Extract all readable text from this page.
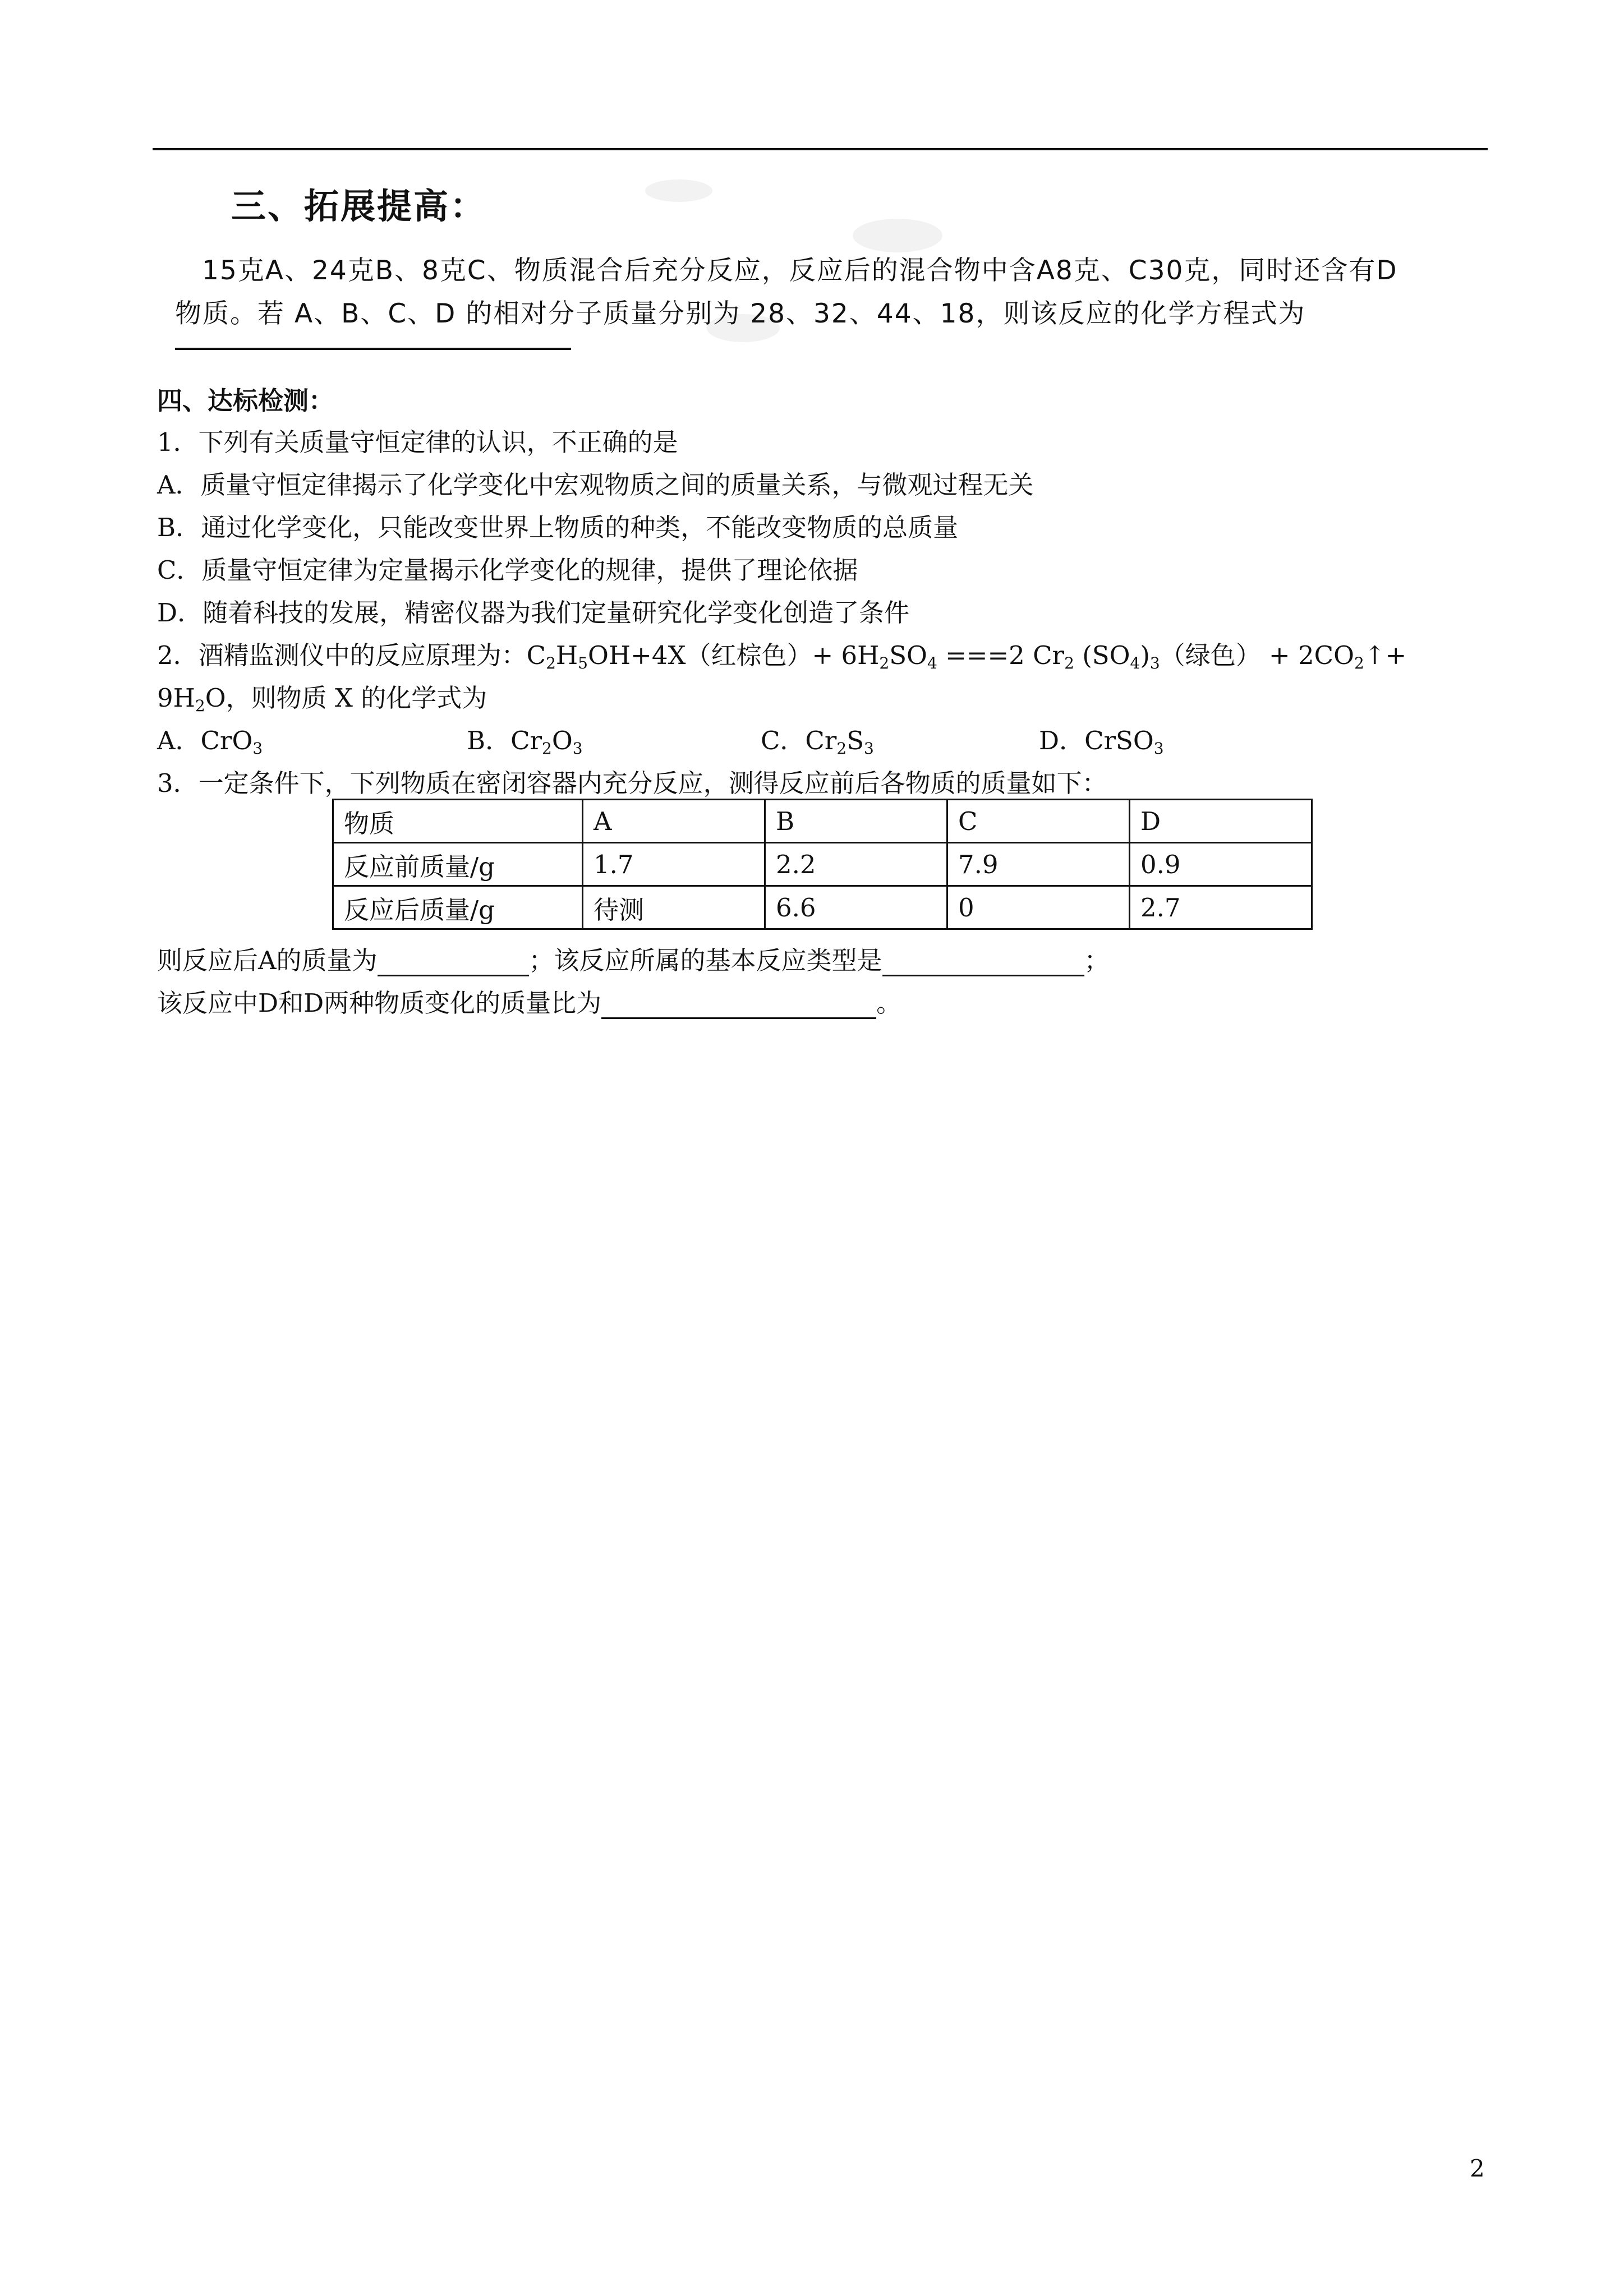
三、拓展提高：
15克A、24克B、8克C、物质混合后充分反应，反应后的混合物中含A8克、C30克，同时还含有D
物质。若 A、B、C、D 的相对分子质量分别为 28、32、44、18，则该反应的化学方程式为
四、达标检测：
1．下列有关质量守恒定律的认识，不正确的是
A．质量守恒定律揭示了化学变化中宏观物质之间的质量关系，与微观过程无关
B．通过化学变化，只能改变世界上物质的种类，不能改变物质的总质量
C．质量守恒定律为定量揭示化学变化的规律，提供了理论依据
D．随着科技的发展，精密仪器为我们定量研究化学变化创造了条件
2．酒精监测仪中的反应原理为：$C_2H_5OH+4X$（红棕色）+ $6H_2SO_4 ===2$ $Cr_2$ $(SO_4)_3$（绿色） + $2CO_2↑+$
$9H_2O$，则物质 X 的化学式为
A．CrO$_3$	B．$Cr_2O_3$	C．$Cr_2S_3$	D．CrSO$_3$
3．一定条件下，下列物质在密闭容器内充分反应，测得反应前后各物质的质量如下：
物质	A	B	C	D
反应前质量/g	1.7	2.2	7.9	0.9
反应后质量/g	待测	6.6	0	2.7
则反应后A的质量为	；该反应所属的基本反应类型是	；
该反应中D和D两种物质变化的质量比为	。
2
